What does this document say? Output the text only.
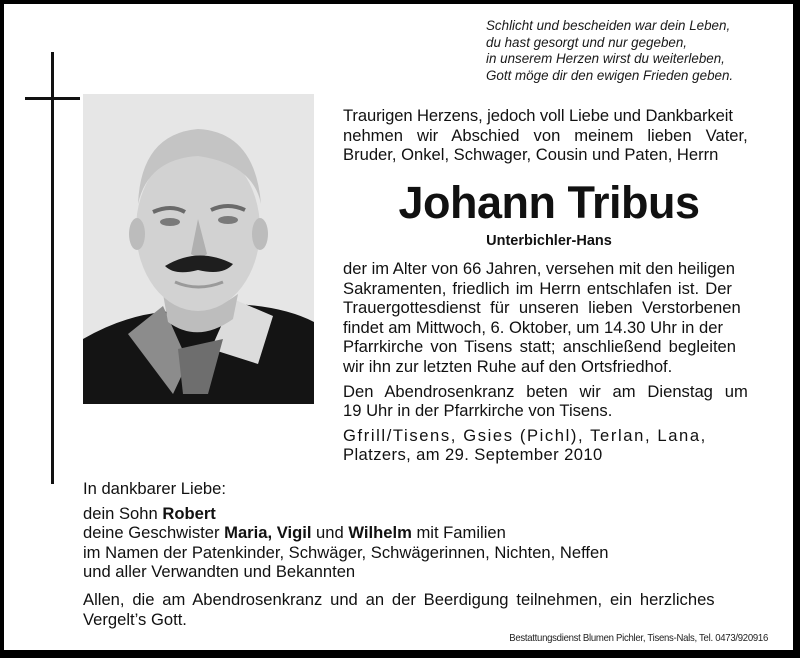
Schlicht und bescheiden war dein Leben,
du hast gesorgt und nur gegeben,
in unserem Herzen wirst du weiterleben,
Gott möge dir den ewigen Frieden geben.
Traurigen Herzens, jedoch voll Liebe und Dankbarkeit
nehmen wir Abschied von meinem lieben Vater,
Bruder, Onkel, Schwager, Cousin und Paten, Herrn
Johann Tribus
Unterbichler-Hans
der im Alter von 66 Jahren, versehen mit den heiligen
Sakramenten, friedlich im Herrn entschlafen ist. Der
Trauergottesdienst für unseren lieben Verstorbenen
findet am Mittwoch, 6. Oktober, um 14.30 Uhr in der
Pfarrkirche von Tisens statt; anschließend begleiten
wir ihn zur letzten Ruhe auf den Ortsfriedhof.
Den Abendrosenkranz beten wir am Dienstag um
19 Uhr in der Pfarrkirche von Tisens.
Gfrill/Tisens, Gsies (Pichl), Terlan, Lana,
Platzers, am 29. September 2010
In dankbarer Liebe:
dein Sohn Robert
deine Geschwister Maria, Vigil und Wilhelm mit Familien
im Namen der Patenkinder, Schwäger, Schwägerinnen, Nichten, Neffen
und aller Verwandten und Bekannten
Allen, die am Abendrosenkranz und an der Beerdigung teilnehmen, ein herzliches
Vergelt’s Gott.
Bestattungsdienst Blumen Pichler, Tisens-Nals, Tel. 0473/920916
